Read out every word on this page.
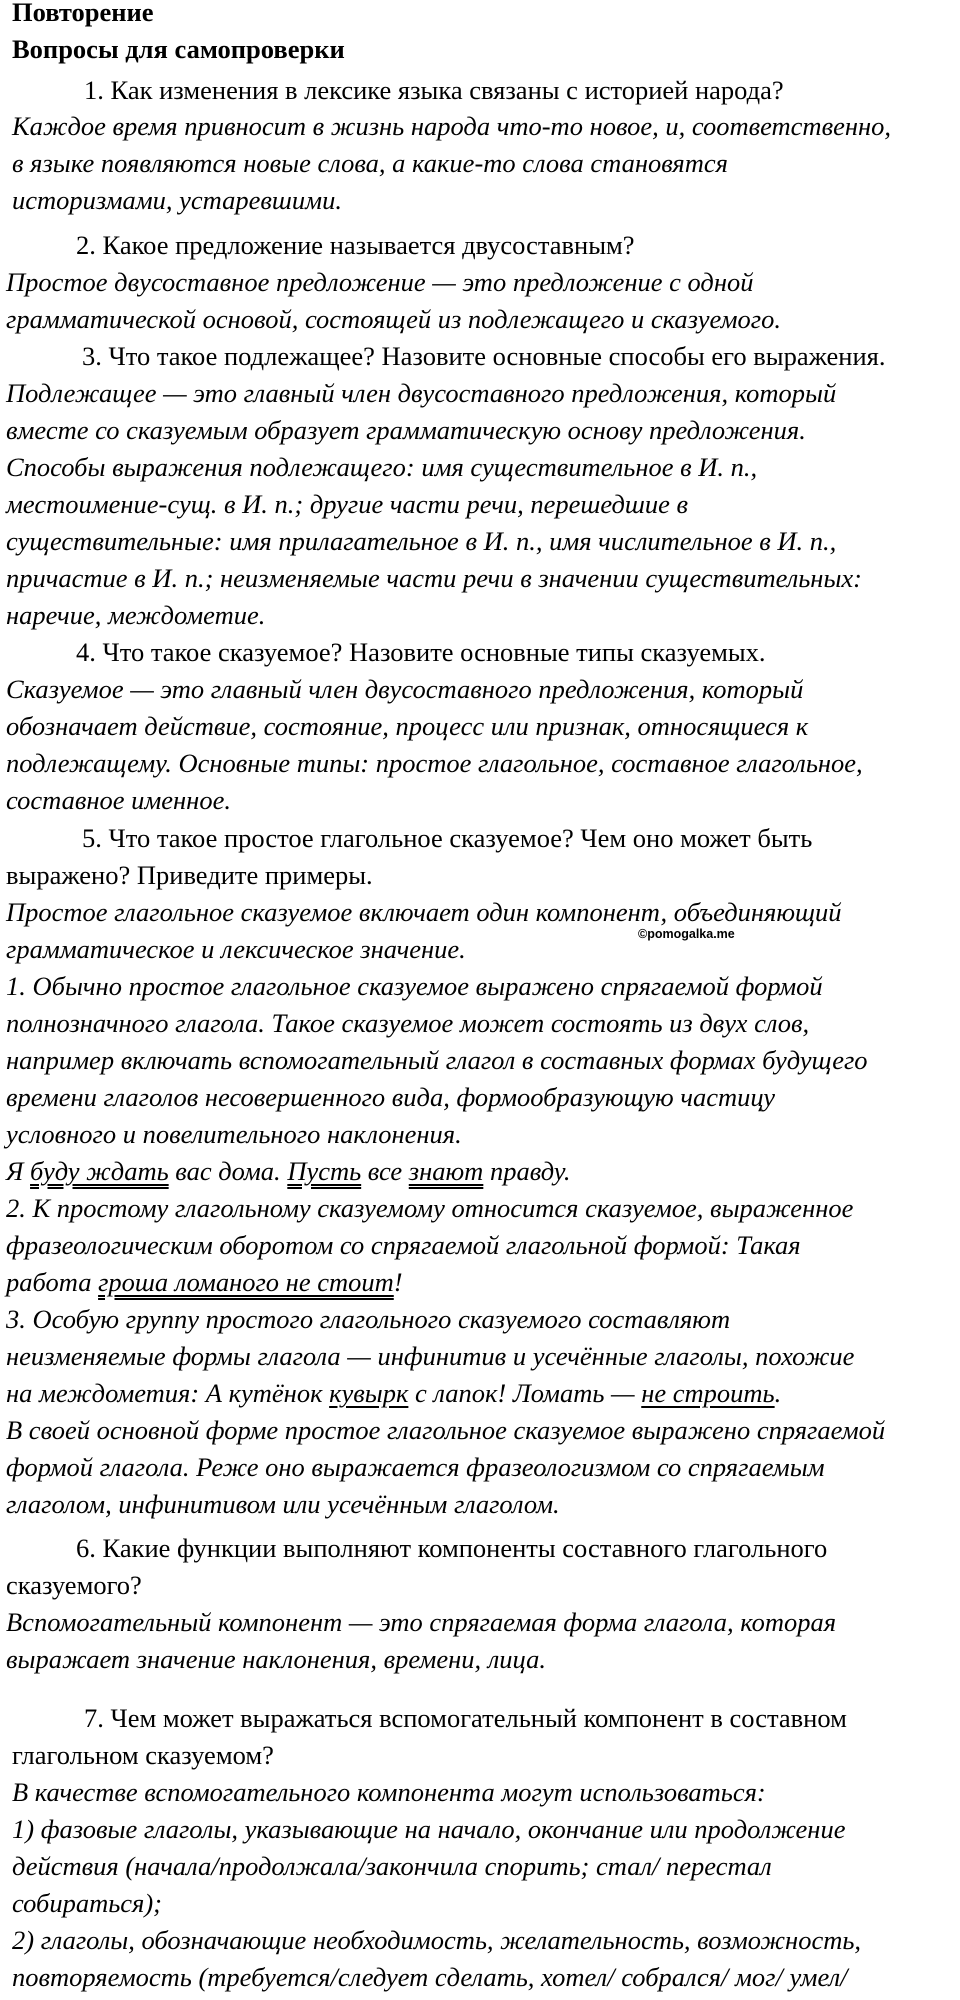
Повторение
Вопросы для самопроверки
1. Как изменения в лексике языка связаны с историей народа?
Каждое время привносит в жизнь народа что-то новое, и, соответственно,
в языке появляются новые слова, а какие-то слова становятся
историзмами, устаревшими.
2. Какое предложение называется двусоставным?
Простое двусоставное предложение — это предложение с одной
грамматической основой, состоящей из подлежащего и сказуемого.
3. Что такое подлежащее? Назовите основные способы его выражения.
Подлежащее — это главный член двусоставного предложения, который
вместе со сказуемым образует грамматическую основу предложения.
Способы выражения подлежащего: имя существительное в И. п.,
местоимение-сущ. в И. п.; другие части речи, перешедшие в
существительные: имя прилагательное в И. п., имя числительное в И. п.,
причастие в И. п.; неизменяемые части речи в значении существительных:
наречие, междометие.
4. Что такое сказуемое? Назовите основные типы сказуемых.
Сказуемое — это главный член двусоставного предложения, который
обозначает действие, состояние, процесс или признак, относящиеся к
подлежащему. Основные типы: простое глагольное, составное глагольное,
составное именное.
5. Что такое простое глагольное сказуемое? Чем оно может быть
выражено? Приведите примеры.
Простое глагольное сказуемое включает один компонент, объединяющий
грамматическое и лексическое значение.	©pomogalka.me
1. Обычно простое глагольное сказуемое выражено спрягаемой формой
полнозначного глагола. Такое сказуемое может состоять из двух слов,
например включать вспомогательный глагол в составных формах будущего
времени глаголов несовершенного вида, формообразующую частицу
условного и повелительного наклонения.
Я буду ждать вас дома. Пусть все знают правду.
2. К простому глагольному сказуемому относится сказуемое, выраженное
фразеологическим оборотом со спрягаемой глагольной формой: Такая
работа гроша ломаного не стоит!
3. Особую группу простого глагольного сказуемого составляют
неизменяемые формы глагола — инфинитив и усечённые глаголы, похожие
на междометия: А кутёнок кувырк с лапок! Ломать — не строить.
В своей основной форме простое глагольное сказуемое выражено спрягаемой
формой глагола. Реже оно выражается фразеологизмом со спрягаемым
глаголом, инфинитивом или усечённым глаголом.
6. Какие функции выполняют компоненты составного глагольного
сказуемого?
Вспомогательный компонент — это спрягаемая форма глагола, которая
выражает значение наклонения, времени, лица.
7. Чем может выражаться вспомогательный компонент в составном
глагольном сказуемом?
В качестве вспомогательного компонента могут использоваться:
1) фазовые глаголы, указывающие на начало, окончание или продолжение
действия (начала/продолжала/закончила спорить; стал/ перестал
собираться);
2) глаголы, обозначающие необходимость, желательность, возможность,
повторяемость (требуется/следует сделать, хотел/ собрался/ мог/ умел/
